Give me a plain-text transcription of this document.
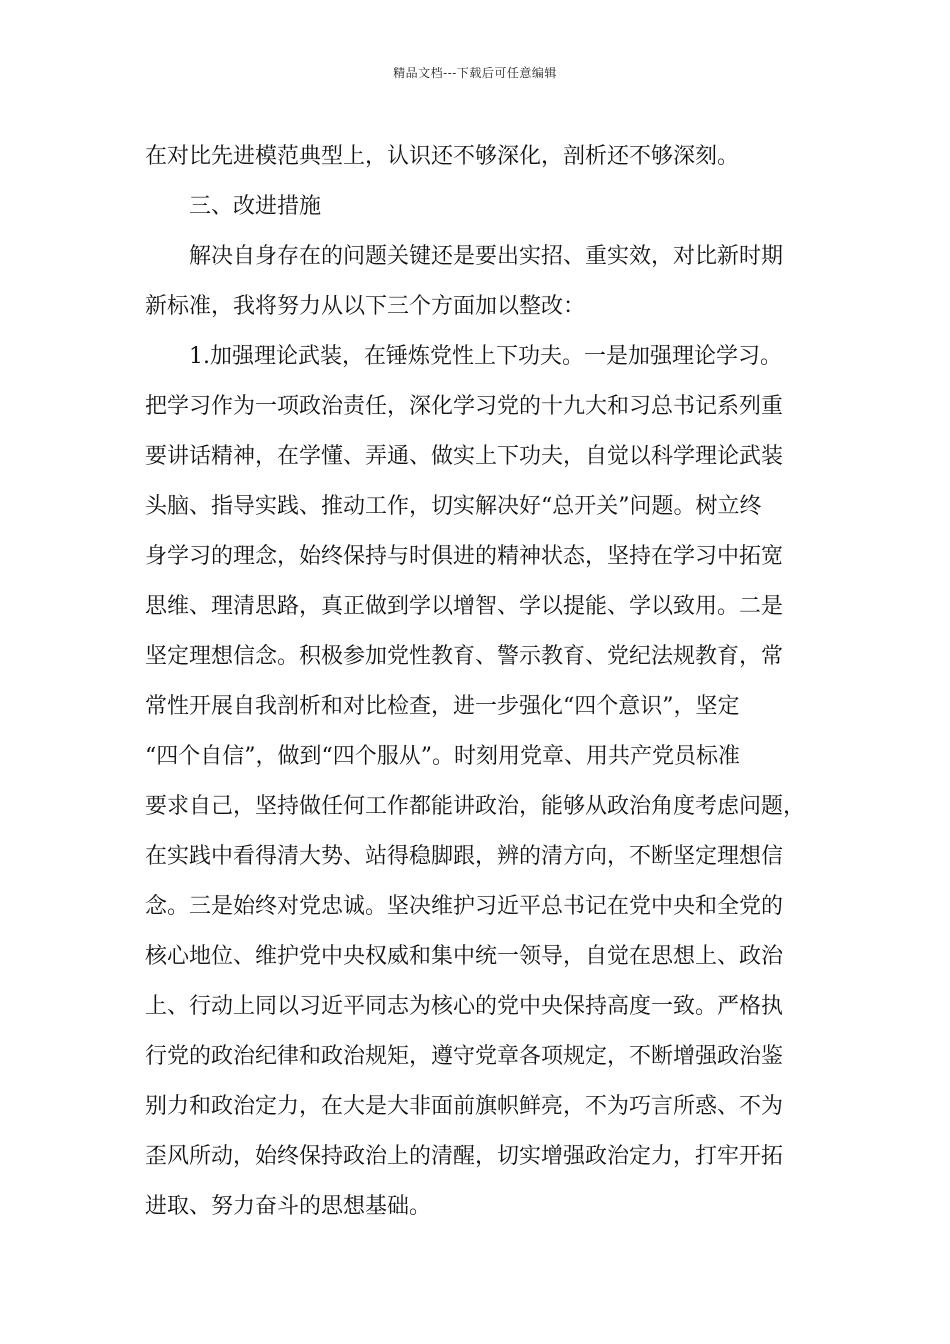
精品文档---下载后可任意编辑
在对比先进模范典型上，认识还不够深化，剖析还不够深刻。
三、改进措施
解决自身存在的问题关键还是要出实招、重实效，对比新时期
新标准，我将努力从以下三个方面加以整改：
1.加强理论武装，在锤炼党性上下功夫。一是加强理论学习。
把学习作为一项政治责任，深化学习党的十九大和习总书记系列重
要讲话精神，在学懂、弄通、做实上下功夫，自觉以科学理论武装
头脑、指导实践、推动工作，切实解决好“总开关”问题。树立终
身学习的理念，始终保持与时俱进的精神状态，坚持在学习中拓宽
思维、理清思路，真正做到学以增智、学以提能、学以致用。二是
坚定理想信念。积极参加党性教育、警示教育、党纪法规教育，常
常性开展自我剖析和对比检查，进一步强化“四个意识”，坚定
“四个自信”，做到“四个服从”。时刻用党章、用共产党员标准
要求自己，坚持做任何工作都能讲政治，能够从政治角度考虑问题，
在实践中看得清大势、站得稳脚跟，辨的清方向，不断坚定理想信
念。三是始终对党忠诚。坚决维护习近平总书记在党中央和全党的
核心地位、维护党中央权威和集中统一领导，自觉在思想上、政治
上、行动上同以习近平同志为核心的党中央保持高度一致。严格执
行党的政治纪律和政治规矩，遵守党章各项规定，不断增强政治鉴
别力和政治定力，在大是大非面前旗帜鲜亮，不为巧言所惑、不为
歪风所动，始终保持政治上的清醒，切实增强政治定力，打牢开拓
进取、努力奋斗的思想基础。
